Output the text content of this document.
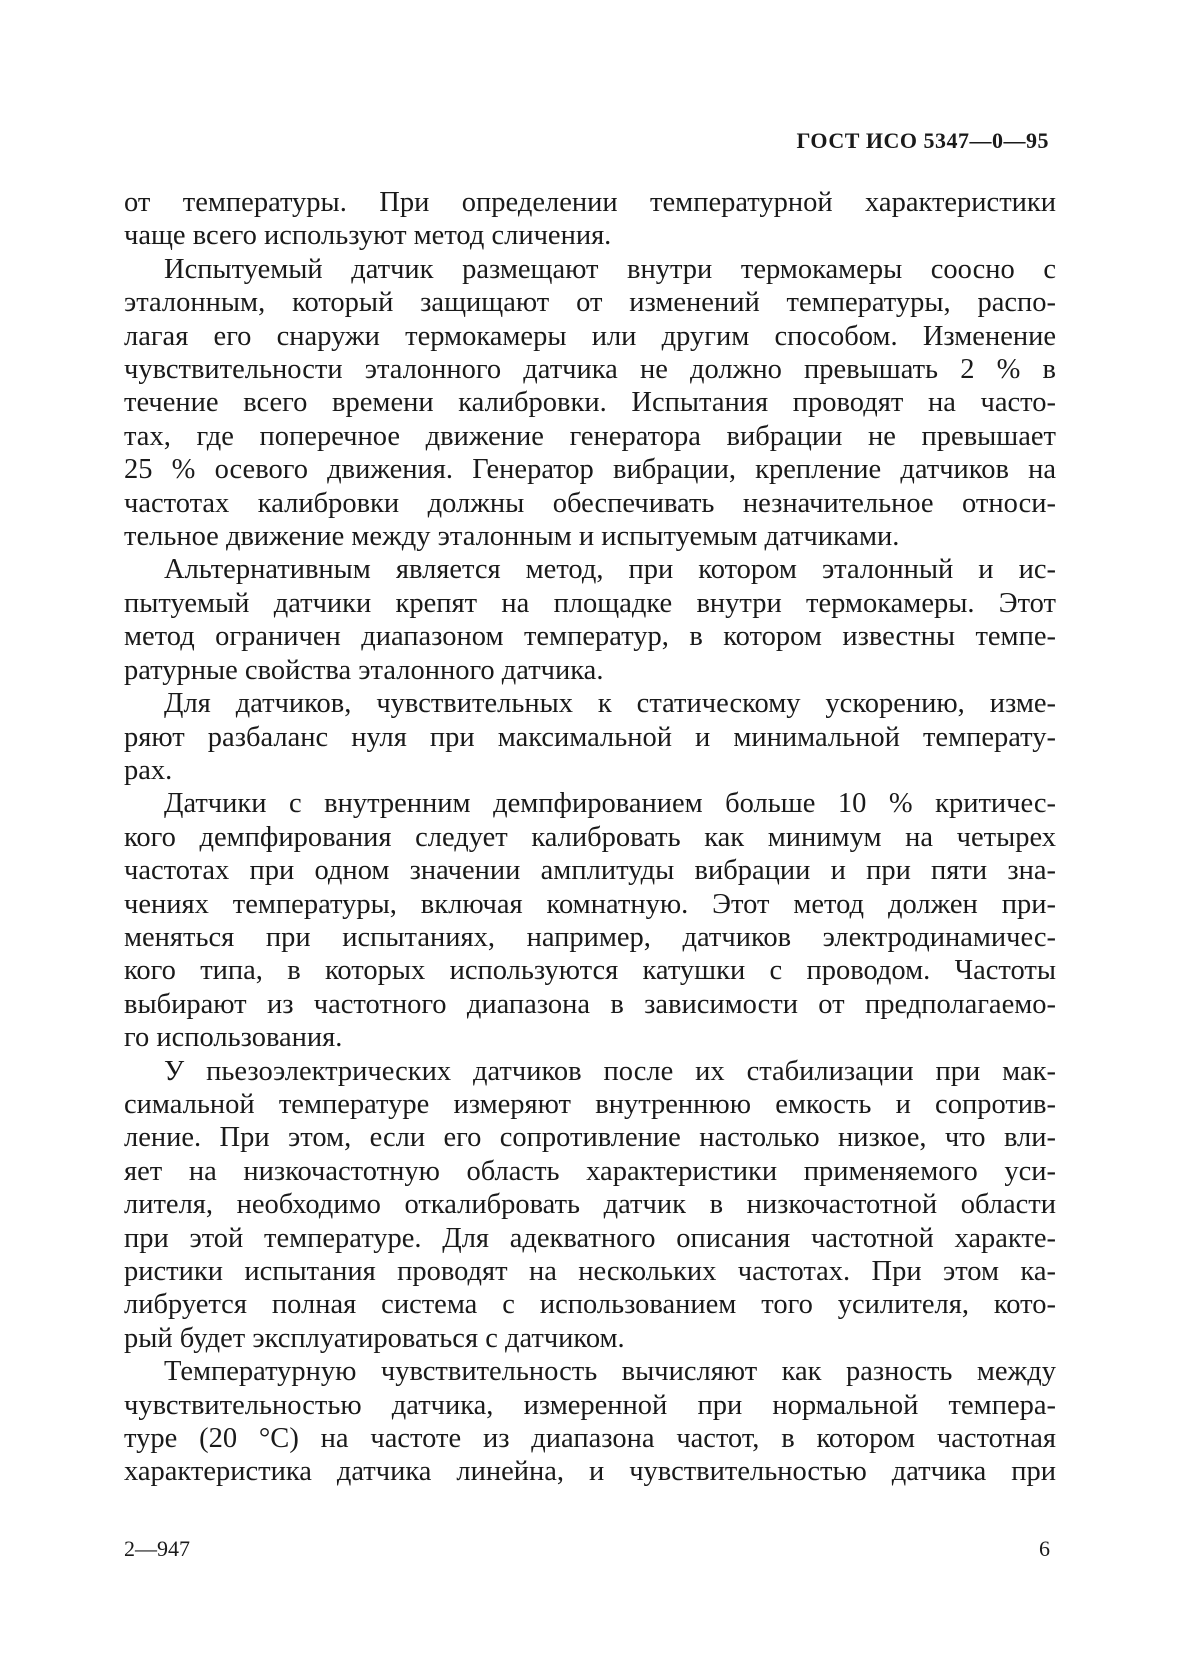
ГОСТ ИСО 5347—0—95
от температуры. При определении температурной характеристики
чаще всего используют метод сличения.
Испытуемый датчик размещают внутри термокамеры соосно с
эталонным, который защищают от изменений температуры, распо-
лагая его снаружи термокамеры или другим способом. Изменение
чувствительности эталонного датчика не должно превышать 2 % в
течение всего времени калибровки. Испытания проводят на часто-
тах, где поперечное движение генератора вибрации не превышает
25 % осевого движения. Генератор вибрации, крепление датчиков на
частотах калибровки должны обеспечивать незначительное относи-
тельное движение между эталонным и испытуемым датчиками.
Альтернативным является метод, при котором эталонный и ис-
пытуемый датчики крепят на площадке внутри термокамеры. Этот
метод ограничен диапазоном температур, в котором известны темпе-
ратурные свойства эталонного датчика.
Для датчиков, чувствительных к статическому ускорению, изме-
ряют разбаланс нуля при максимальной и минимальной температу-
рах.
Датчики с внутренним демпфированием больше 10 % критичес-
кого демпфирования следует калибровать как минимум на четырех
частотах при одном значении амплитуды вибрации и при пяти зна-
чениях температуры, включая комнатную. Этот метод должен при-
меняться при испытаниях, например, датчиков электродинамичес-
кого типа, в которых используются катушки с проводом. Частоты
выбирают из частотного диапазона в зависимости от предполагаемо-
го использования.
У пьезоэлектрических датчиков после их стабилизации при мак-
симальной температуре измеряют внутреннюю емкость и сопротив-
ление. При этом, если его сопротивление настолько низкое, что вли-
яет на низкочастотную область характеристики применяемого уси-
лителя, необходимо откалибровать датчик в низкочастотной области
при этой температуре. Для адекватного описания частотной характе-
ристики испытания проводят на нескольких частотах. При этом ка-
либруется полная система с использованием того усилителя, кото-
рый будет эксплуатироваться с датчиком.
Температурную чувствительность вычисляют как разность между
чувствительностью датчика, измеренной при нормальной темпера-
туре (20 °С) на частоте из диапазона частот, в котором частотная
характеристика датчика линейна, и чувствительностью датчика при
2—947	6
